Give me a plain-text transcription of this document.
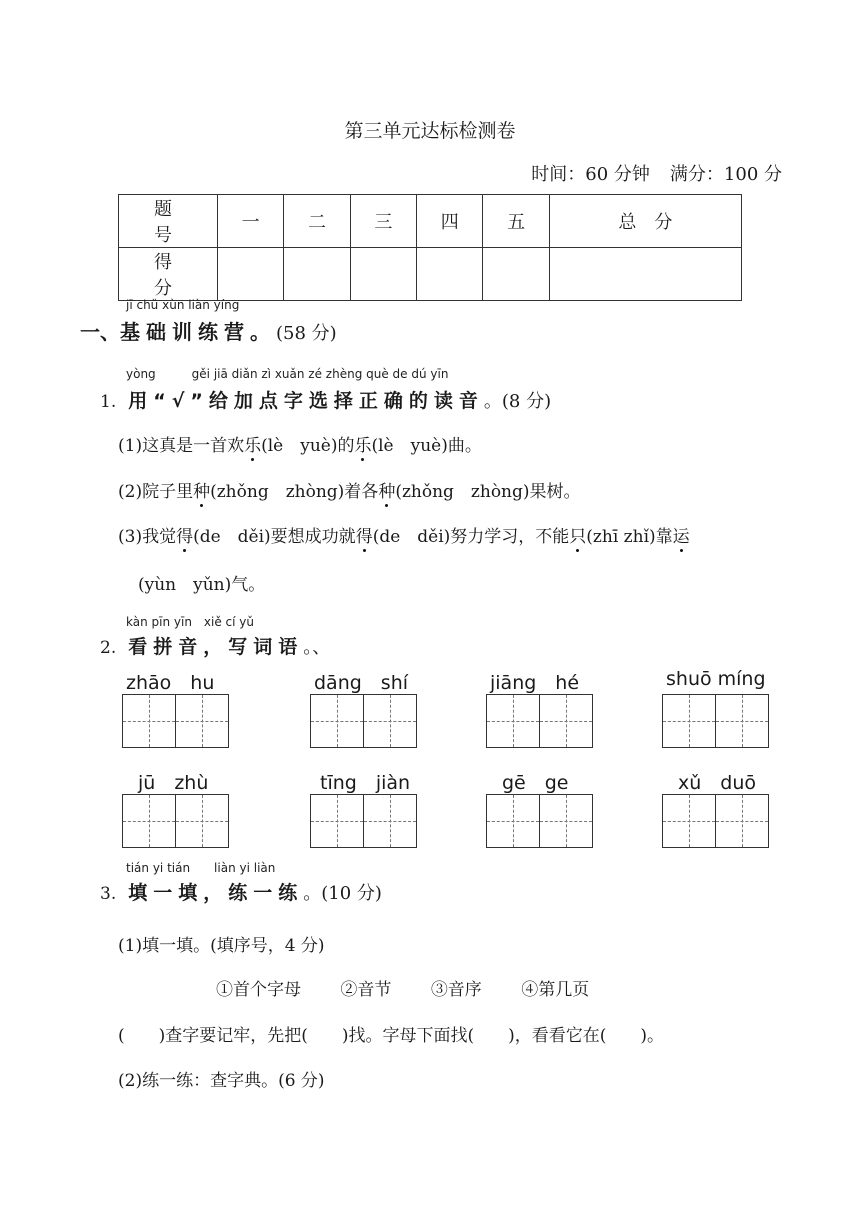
第三单元达标检测卷
时间：60 分钟 满分：100 分
题　号	一	二	三	四	五	总　分
得　分						
jī chǔ xùn liàn yíng
一、基础训练营。(58 分)
yòng　　　gěi jiā diǎn zì xuǎn zé zhèng què de dú yīn
1. 用“√”给加点字选择正确的读音。(8 分)
(1)这真是一首欢乐(lè　yuè)的乐(lè　yuè)曲。
(2)院子里种(zhǒng　zhòng)着各种(zhǒng　zhòng)果树。
(3)我觉得(de　děi)要想成功就得(de　děi)努力学习，不能只(zhī zhǐ)靠运
(yùn　yǔn)气。
kàn pīn yīn　xiě cí yǔ
2. 看拼音，写词语。、
zhāo　hu	dāng　shí	jiāng　hé	shuō míng
jū　zhù	tīng　jiàn	gē　ge	xǔ　duō
tián yi tián　　liàn yi liàn
3. 填一填，练一练。(10 分)
(1)填一填。(填序号，4 分)
①首个字母 ②音节 ③音序 ④第几页
(　　)查字要记牢，先把(　　)找。字母下面找(　　)，看看它在(　　)。
(2)练一练：查字典。(6 分)
